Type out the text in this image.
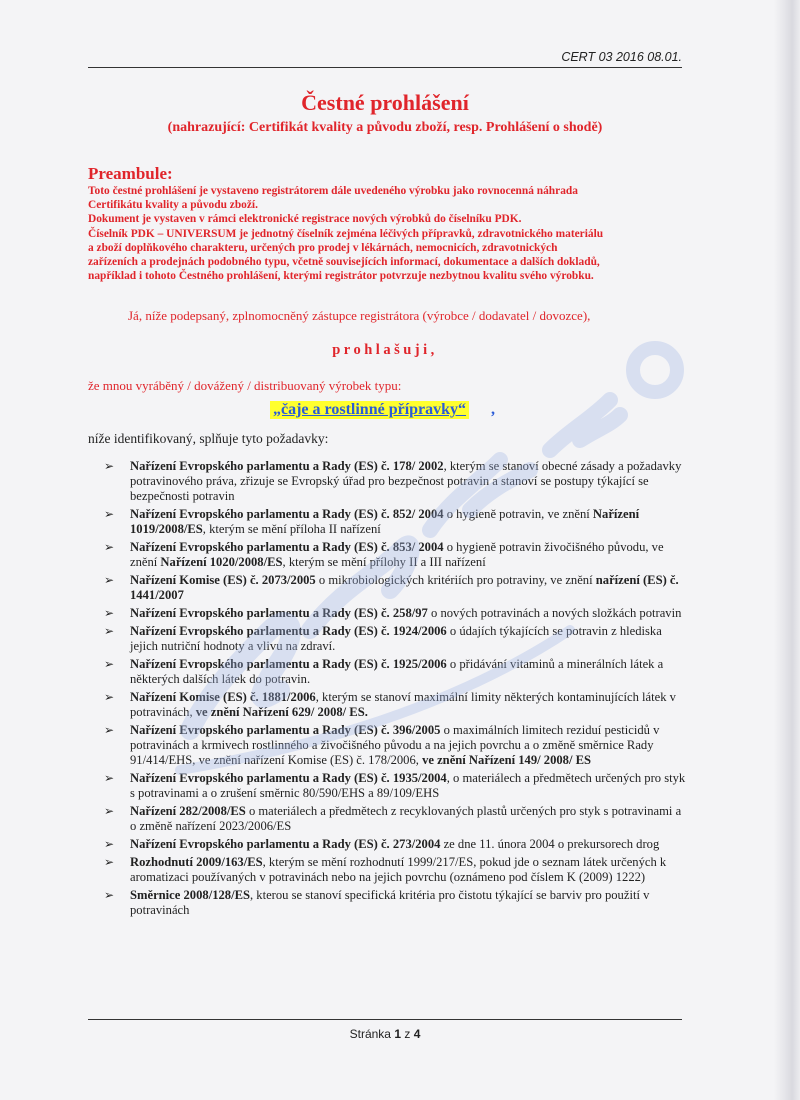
CERT 03 2016 08.01.
Čestné prohlášení
(nahrazující: Certifikát kvality a původu zboží, resp. Prohlášení o shodě)
Preambule:
Toto čestné prohlášení je vystaveno registrátorem dále uvedeného výrobku jako rovnocenná náhrada
Certifikátu kvality a původu zboží.
Dokument je vystaven v rámci elektronické registrace nových výrobků do číselníku PDK.
Číselník PDK – UNIVERSUM je jednotný číselník zejména léčivých přípravků, zdravotnického materiálu
a zboží doplňkového charakteru, určených pro prodej v lékárnách, nemocnicích, zdravotnických
zařízeních a prodejnách podobného typu, včetně souvisejících informací, dokumentace a dalších dokladů,
například i tohoto Čestného prohlášení, kterými registrátor potvrzuje nezbytnou kvalitu svého výrobku.
Já, níže podepsaný, zplnomocněný zástupce registrátora (výrobce / dodavatel / dovozce),
prohlašuji,
že mnou vyráběný / dovážený / distribuovaný výrobek typu:
„čaje a rostlinné přípravky“ ,
níže identifikovaný, splňuje tyto požadavky:
➢ Nařízení Evropského parlamentu a Rady (ES) č. 178/ 2002, kterým se stanoví obecné zásady a požadavky potravinového práva, zřizuje se Evropský úřad pro bezpečnost potravin a stanoví se postupy týkající se bezpečnosti potravin
➢ Nařízení Evropského parlamentu a Rady (ES) č. 852/ 2004 o hygieně potravin, ve znění Nařízení 1019/2008/ES, kterým se mění příloha II nařízení
➢ Nařízení Evropského parlamentu a Rady (ES) č. 853/ 2004 o hygieně potravin živočišného původu, ve znění Nařízení 1020/2008/ES, kterým se mění přílohy II a III nařízení
➢ Nařízení Komise (ES) č. 2073/2005 o mikrobiologických kritériích pro potraviny, ve znění nařízení (ES) č. 1441/2007
➢ Nařízení Evropského parlamentu a Rady (ES) č. 258/97 o nových potravinách a nových složkách potravin
➢ Nařízení Evropského parlamentu a Rady (ES) č. 1924/2006 o údajích týkajících se potravin z hlediska jejich nutriční hodnoty a vlivu na zdraví.
➢ Nařízení Evropského parlamentu a Rady (ES) č. 1925/2006 o přidávání vitaminů a minerálních látek a některých dalších látek do potravin.
➢ Nařízení Komise (ES) č. 1881/2006, kterým se stanoví maximální limity některých kontaminujících látek v potravinách, ve znění Nařízení 629/ 2008/ ES.
➢ Nařízení Evropského parlamentu a Rady (ES) č. 396/2005 o maximálních limitech reziduí pesticidů v potravinách a krmivech rostlinného a živočišného původu a na jejich povrchu a o změně směrnice Rady 91/414/EHS, ve znění nařízení Komise (ES) č. 178/2006, ve znění Nařízení 149/ 2008/ ES
➢ Nařízení Evropského parlamentu a Rady (ES) č. 1935/2004, o materiálech a předmětech určených pro styk s potravinami a o zrušení směrnic 80/590/EHS a 89/109/EHS
➢ Nařízení 282/2008/ES o materiálech a předmětech z recyklovaných plastů určených pro styk s potravinami a o změně nařízení 2023/2006/ES
➢ Nařízení Evropského parlamentu a Rady (ES) č. 273/2004 ze dne 11. února 2004 o prekursorech drog
➢ Rozhodnutí 2009/163/ES, kterým se mění rozhodnutí 1999/217/ES, pokud jde o seznam látek určených k aromatizaci používaných v potravinách nebo na jejich povrchu (oznámeno pod číslem K (2009) 1222)
➢ Směrnice 2008/128/ES, kterou se stanoví specifická kritéria pro čistotu týkající se barviv pro použití v potravinách
Stránka 1 z 4
